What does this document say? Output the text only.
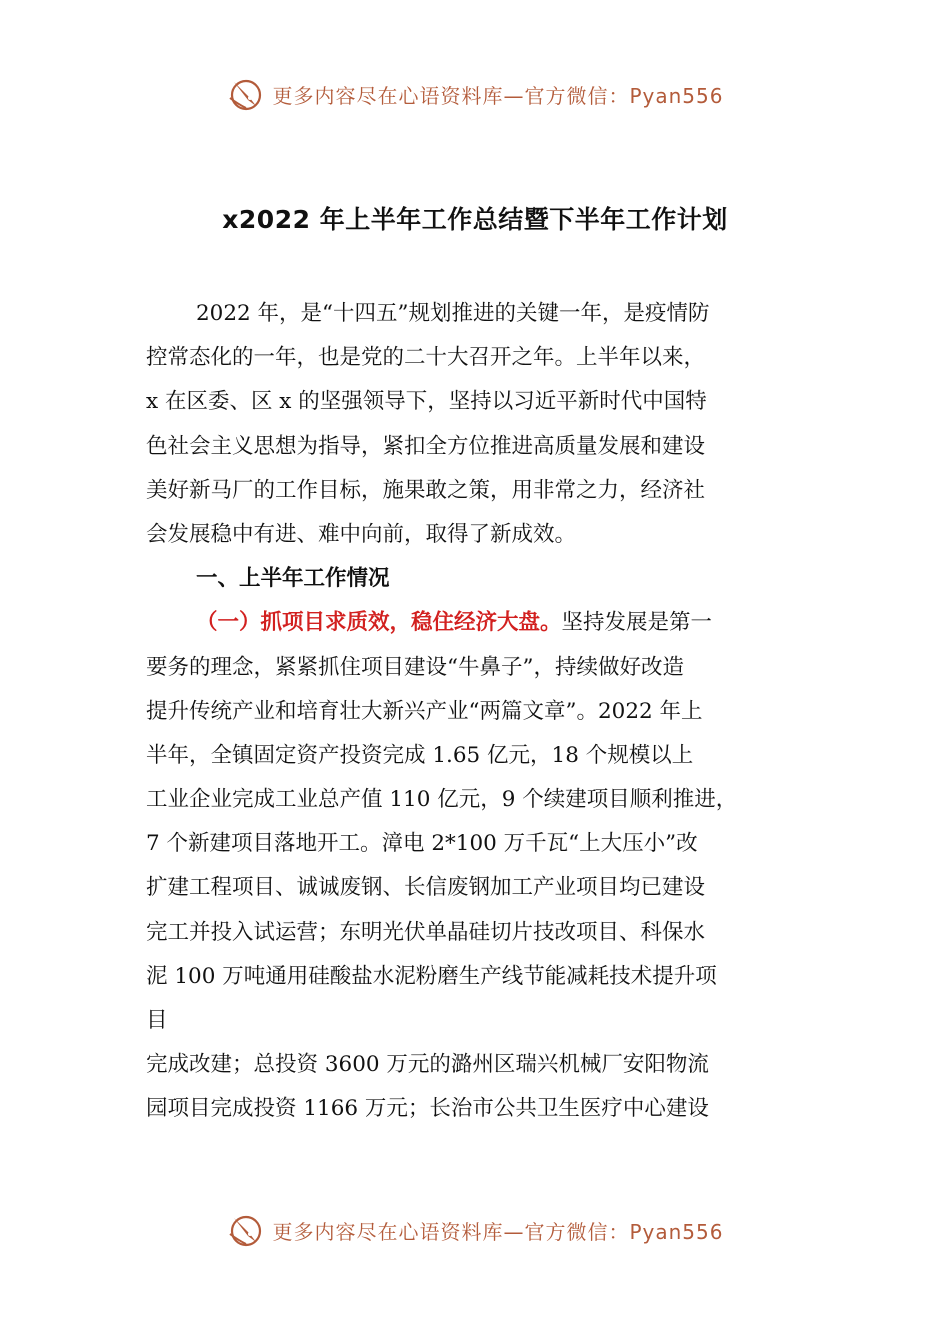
更多内容尽在心语资料库—官方微信：Pyan556
x2022 年上半年工作总结暨下半年工作计划
2022 年，是“十四五”规划推进的关键一年，是疫情防
控常态化的一年，也是党的二十大召开之年。上半年以来，
x 在区委、区 x 的坚强领导下，坚持以习近平新时代中国特
色社会主义思想为指导，紧扣全方位推进高质量发展和建设
美好新马厂的工作目标，施果敢之策，用非常之力，经济社
会发展稳中有进、难中向前，取得了新成效。
一、上半年工作情况
（一）抓项目求质效，稳住经济大盘。坚持发展是第一
要务的理念，紧紧抓住项目建设“牛鼻子”，持续做好改造
提升传统产业和培育壮大新兴产业“两篇文章”。2022 年上
半年，全镇固定资产投资完成 1.65 亿元，18 个规模以上
工业企业完成工业总产值 110 亿元，9 个续建项目顺利推进，
7 个新建项目落地开工。漳电 2*100 万千瓦“上大压小”改
扩建工程项目、诚诚废钢、长信废钢加工产业项目均已建设
完工并投入试运营；东明光伏单晶硅切片技改项目、科保水
泥 100 万吨通用硅酸盐水泥粉磨生产线节能减耗技术提升项
目
完成改建；总投资 3600 万元的潞州区瑞兴机械厂安阳物流
园项目完成投资 1166 万元；长治市公共卫生医疗中心建设
更多内容尽在心语资料库—官方微信：Pyan556
